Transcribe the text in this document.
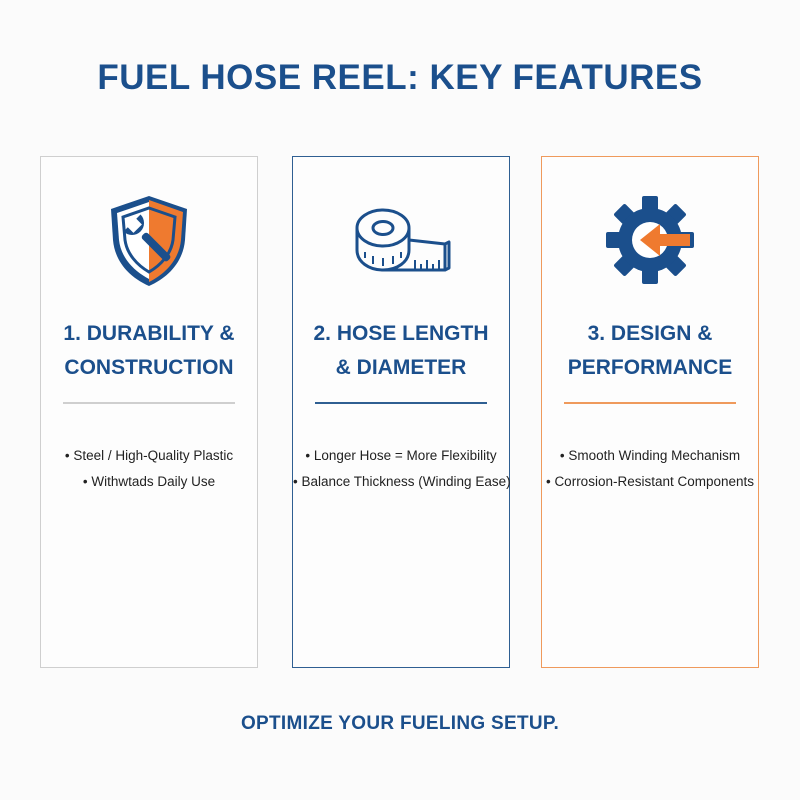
FUEL HOSE REEL: KEY FEATURES
1. DURABILITY &
CONSTRUCTION
• Steel / High-Quality Plastic
• Withwtads Daily Use
2. HOSE LENGTH
& DIAMETER
• Longer Hose = More Flexibility
• Balance Thickness (Winding Ease)
3. DESIGN &
PERFORMANCE
• Smooth Winding Mechanism
• Corrosion-Resistant Components
OPTIMIZE YOUR FUELING SETUP.
